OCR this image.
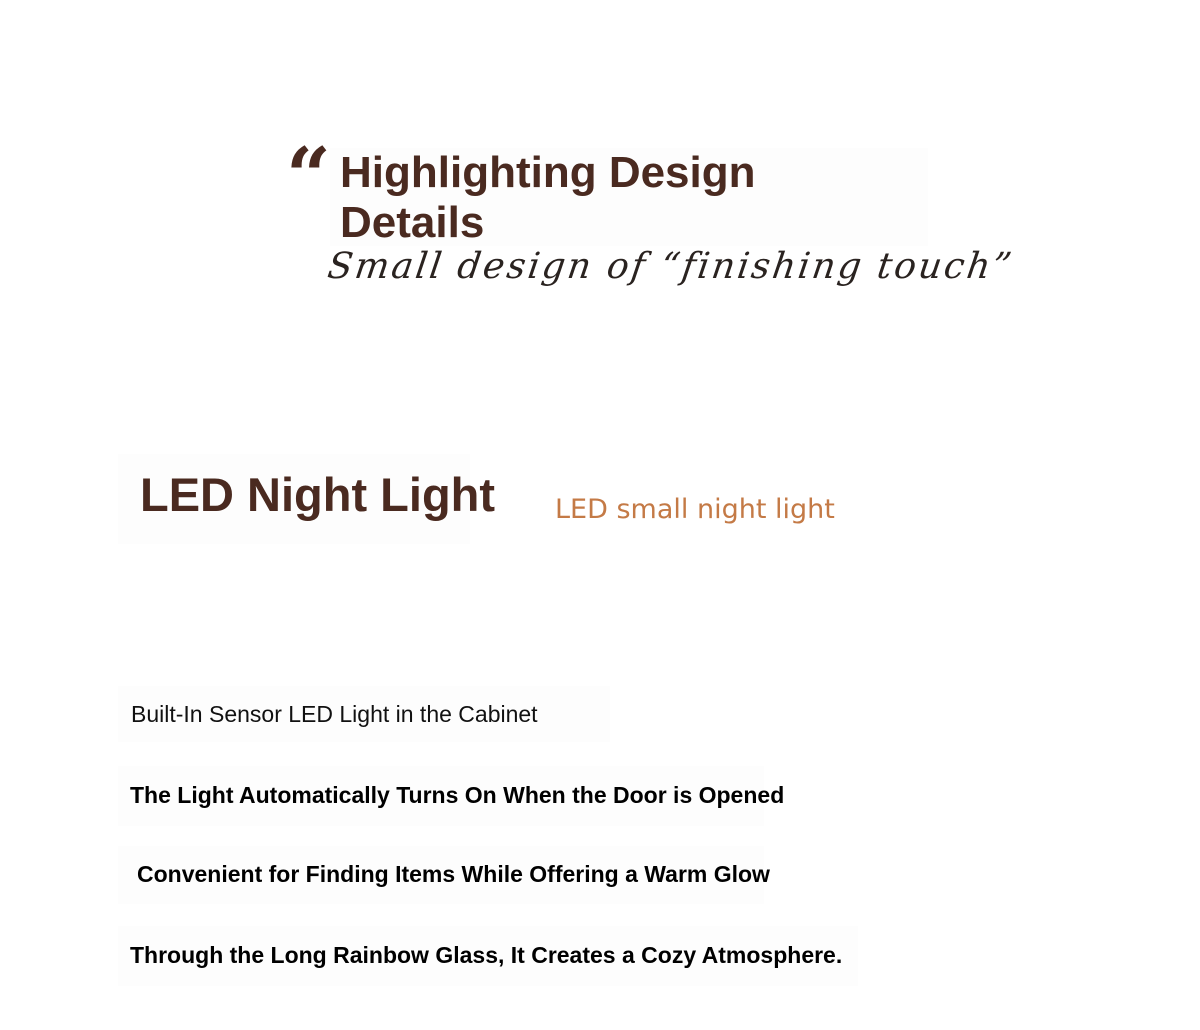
“ Highlighting Design Details
Small design of “finishing touch”
LED Night Light LED small night light
Built-In Sensor LED Light in the Cabinet
The Light Automatically Turns On When the Door is Opened
Convenient for Finding Items While Offering a Warm Glow
Through the Long Rainbow Glass, It Creates a Cozy Atmosphere.
